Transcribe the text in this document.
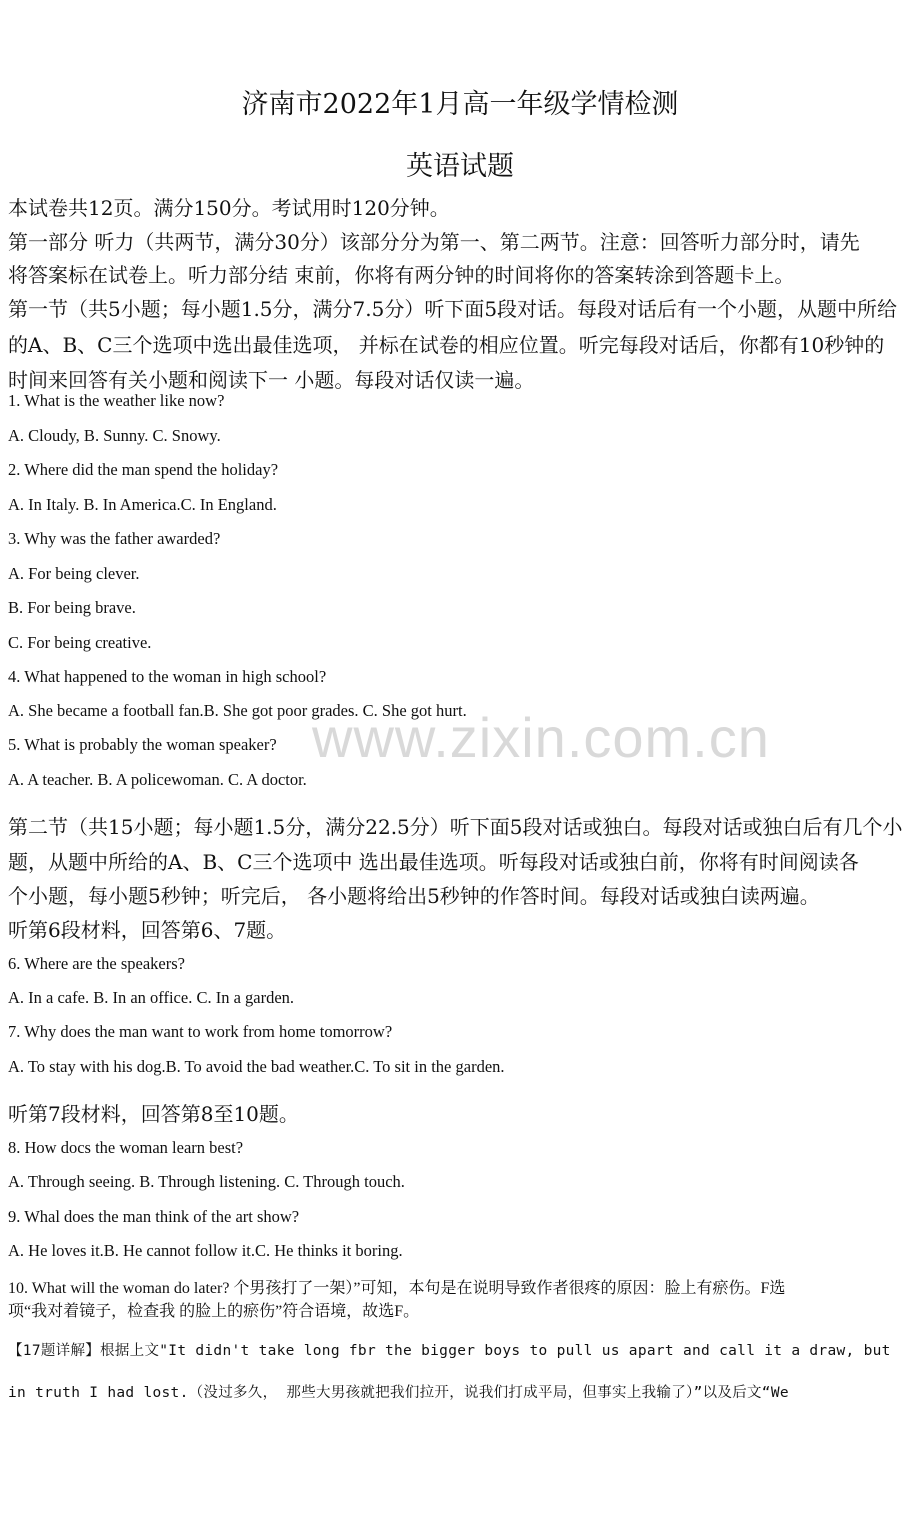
济南市2022年1月高一年级学情检测
英语试题
本试卷共12页。满分150分。考试用时120分钟。
第一部分 听力（共两节，满分30分）该部分分为第一、第二两节。注意：回答听力部分时，请先
将答案标在试卷上。听力部分结 束前，你将有两分钟的时间将你的答案转涂到答题卡上。
第一节（共5小题；每小题1.5分，满分7.5分）听下面5段对话。每段对话后有一个小题，从题中所给
的A、B、C三个选项中选出最佳选项， 并标在试卷的相应位置。听完每段对话后，你都有10秒钟的
时间来回答有关小题和阅读下一 小题。每段对话仅读一遍。
1. What is the weather like now?
A. Cloudy, B. Sunny. C. Snowy.
2. Where did the man spend the holiday?
A. In Italy. B. In America.C. In England.
3. Why was the father awarded?
A. For being clever.
B. For being brave.
C. For being creative.
4. What happened to the woman in high school?
A. She became a football fan.B. She got poor grades. C. She got hurt.
5. What is probably the woman speaker?
A. A teacher. B. A policewoman. C. A doctor.
www.zixin.com.cn
第二节（共15小题；每小题1.5分，满分22.5分）听下面5段对话或独白。每段对话或独白后有几个小
题，从题中所给的A、B、C三个选项中 选出最佳选项。听每段对话或独白前，你将有时间阅读各
个小题，每小题5秒钟；听完后， 各小题将给出5秒钟的作答时间。每段对话或独白读两遍。
听第6段材料，回答第6、7题。
6. Where are the speakers?
A. In a cafe. B. In an office. C. In a garden.
7. Why does the man want to work from home tomorrow?
A. To stay with his dog.B. To avoid the bad weather.C. To sit in the garden.
听第7段材料，回答第8至10题。
8. How docs the woman learn best?
A. Through seeing. B. Through listening. C. Through touch.
9. Whal does the man think of the art show?
A. He loves it.B. He cannot follow it.C. He thinks it boring.
10. What will the woman do later? 个男孩打了一架）”可知，本句是在说明导致作者很疼的原因：脸上有瘀伤。F选
项“我对着镜子，检查我 的脸上的瘀伤”符合语境，故选F。
【17题详解】根据上文"It didn't take long fbr the bigger boys to pull us apart and call it a draw, but
in truth I had lost.（没过多久， 那些大男孩就把我们拉开，说我们打成平局，但事实上我输了）”以及后文“We
